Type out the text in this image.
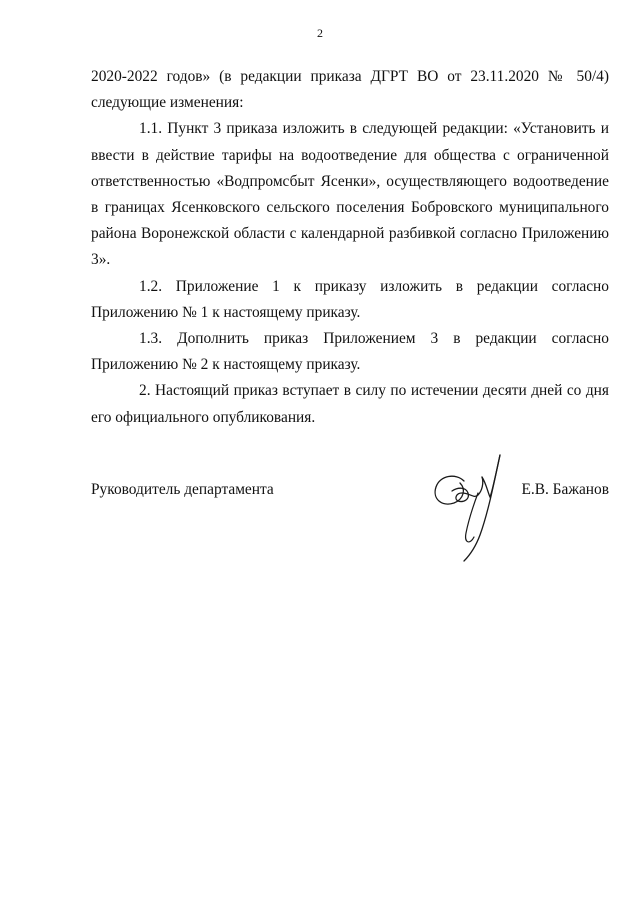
2

2020-2022 годов» (в редакции приказа ДГРТ ВО от 23.11.2020 № 50/4) следующие изменения:

1.1. Пункт 3 приказа изложить в следующей редакции: «Установить и ввести в действие тарифы на водоотведение для общества с ограниченной ответственностью «Водпромсбыт Ясенки», осуществляющего водоотведение в границах Ясенковского сельского поселения Бобровского муниципального района Воронежской области с календарной разбивкой согласно Приложению 3».

1.2. Приложение 1 к приказу изложить в редакции согласно Приложению № 1 к настоящему приказу.

1.3. Дополнить приказ Приложением 3 в редакции согласно Приложению № 2 к настоящему приказу.

2. Настоящий приказ вступает в силу по истечении десяти дней со дня его официального опубликования.

Руководитель департамента	Е.В. Бажанов
